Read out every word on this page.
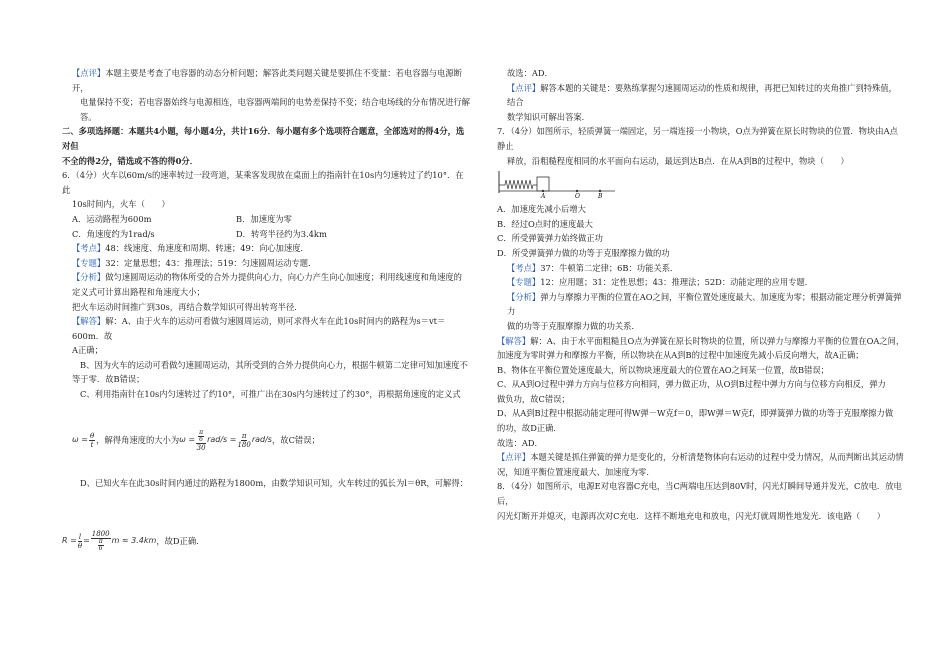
【点评】本题主要是考查了电容器的动态分析问题；解答此类问题关键是要抓住不变量：若电容器与电源断开，

电量保持不变；若电容器始终与电源相连，电容器两端间的电势差保持不变；结合电场线的分布情况进行解答。

二、多项选择题：本题共4小题，每小题4分，共计16分．每小题有多个选项符合题意，全部选对的得4分，选对但

不全的得2分，错选或不答的得0分．

6．（4分）火车以60m/s的速率转过一段弯道，某乘客发现放在桌面上的指南针在10s内匀速转过了约10°．在此

10s时间内，火车（　　）

A．运动路程为600m	B．加速度为零
C．角速度约为1rad/s	D．转弯半径约为3.4km

【考点】48：线速度、角速度和周期、转速；49：向心加速度．

【专题】32：定量思想；43：推理法；519：匀速圆周运动专题．

【分析】做匀速圆周运动的物体所受的合外力提供向心力，向心力产生向心加速度；利用线速度和角速度的

定义式可计算出路程和角速度大小；

把火车运动时间推广到30s，再结合数学知识可得出转弯半径．

【解答】解：A、由于火车的运动可看做匀速圆周运动，则可求得火车在此10s时间内的路程为s＝vt＝600m．故

A正确；

B、因为火车的运动可看做匀速圆周运动，其所受到的合外力提供向心力，根据牛顿第二定律可知加速度不

等于零．故B错误；

C、利用指南针在10s内匀速转过了约10°，可推广出在30s内匀速转过了约30°，再根据角速度的定义式

$\omega = \frac{\theta}{t}$ ，解得角速度的大小为 $\omega = \frac{\frac{\pi}{6}}{30} rad/s = \frac{\pi}{180} rad/s$ ，故C错误；

D、已知火车在此30s时间内通过的路程为1800m，由数学知识可知，火车转过的弧长为l＝θR，可解得：

$R = \frac{l}{\theta} = \frac{1800}{\frac{\pi}{6}}$ m ≈ 3.4km ，故D正确．

故选：AD．

【点评】解答本题的关键是：要熟练掌握匀速圆周运动的性质和规律，再把已知转过的夹角推广到特殊值，结合

数学知识可解出答案．

7．（4分）如图所示，轻质弹簧一端固定，另一端连接一小物块，O点为弹簧在原长时物块的位置．物块由A点静止

释放，沿粗糙程度相同的水平面向右运动，最远到达B点．在从A到B的过程中，物块（　　）

A	O	B

A．加速度先减小后增大

B．经过O点时的速度最大

C．所受弹簧弹力始终做正功

D．所受弹簧弹力做的功等于克服摩擦力做的功

【考点】37：牛顿第二定律；6B：功能关系．

【专题】12：应用题；31：定性思想；43：推理法；52D：动能定理的应用专题．

【分析】弹力与摩擦力平衡的位置在AO之间，平衡位置处速度最大、加速度为零；根据动能定理分析弹簧弹力

做的功等于克服摩擦力做的功关系．

【解答】解：A、由于水平面粗糙且O点为弹簧在原长时物块的位置，所以弹力与摩擦力平衡的位置在OA之间，

加速度为零时弹力和摩擦力平衡，所以物块在从A到B的过程中加速度先减小后反向增大，故A正确；

B、物体在平衡位置处速度最大，所以物块速度最大的位置在AO之间某一位置，故B错误；

C、从A到O过程中弹力方向与位移方向相同，弹力做正功，从O到B过程中弹力方向与位移方向相反，弹力

做负功，故C错误；

D、从A到B过程中根据动能定理可得W弹－W克f＝0，即W弹＝W克f，即弹簧弹力做的功等于克服摩擦力做

的功，故D正确．

故选：AD．

【点评】本题关键是抓住弹簧的弹力是变化的，分析清楚物体向右运动的过程中受力情况，从而判断出其运动情

况，知道平衡位置速度最大、加速度为零．

8．（4分）如图所示，电源E对电容器C充电，当C两端电压达到80V时，闪光灯瞬间导通并发光，C放电．放电后，

闪光灯断开并熄灭，电源再次对C充电．这样不断地充电和放电，闪光灯就周期性地发光．该电路（　　）
